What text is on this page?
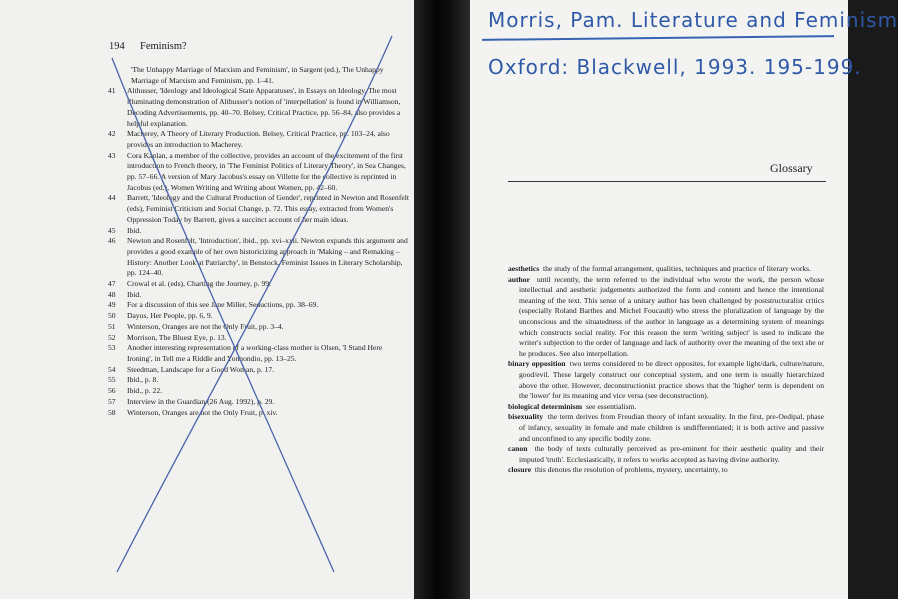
194 Feminism?
'The Unhappy Marriage of Marxism and Feminism', in Sargent (ed.), The Unhappy Marriage of Marxism and Feminism, pp. 1–41.
41	Althusser, 'Ideology and Ideological State Apparatuses', in Essays on Ideology. The most illuminating demonstration of Althusser's notion of 'interpellation' is found in Williamson, Decoding Advertisements, pp. 40–70. Belsey, Critical Practice, pp. 56–84, also provides a helpful explanation.
42	Macherey, A Theory of Literary Production. Belsey, Critical Practice, pp. 103–24, also provides an introduction to Macherey.
43	Cora Kaplan, a member of the collective, provides an account of the excitement of the first introduction to French theory, in 'The Feminist Politics of Literary Theory', in Sea Changes, pp. 57–66. A version of Mary Jacobus's essay on Villette for the collective is reprinted in Jacobus (ed.), Women Writing and Writing about Women, pp. 42–60.
44	Barrett, 'Ideology and the Cultural Production of Gender', reprinted in Newton and Rosenfelt (eds), Feminist Criticism and Social Change, p. 72. This essay, extracted from Women's Oppression Today by Barrett, gives a succinct account of her main ideas.
45	Ibid.
46	Newton and Rosenfelt, 'Introduction', ibid., pp. xvi–xxii. Newton expands this argument and provides a good example of her own historicizing approach in 'Making – and Remaking – History: Another Look at Patriarchy', in Benstock, Feminist Issues in Literary Scholarship, pp. 124–40.
47	Crowal et al. (eds), Charting the Journey, p. 99.
48	Ibid.
49	For a discussion of this see Jane Miller, Seductions, pp. 38–69.
50	Dayus, Her People, pp. 6, 9.
51	Winterson, Oranges are not the Only Fruit, pp. 3–4.
52	Morrison, The Bluest Eye, p. 13.
53	Another interesting representation of a working-class mother is Olsen, 'I Stand Here Ironing', in Tell me a Riddle and Yonnondio, pp. 13–25.
54	Steedman, Landscape for a Good Woman, p. 17.
55	Ibid., p. 8.
56	Ibid., p. 22.
57	Interview in the Guardian (26 Aug. 1992), p. 29.
58	Winterson, Oranges are not the Only Fruit, p. xiv.
Morris, Pam. Literature and Feminism
Oxford: Blackwell, 1993. 195-199.
Glossary

aesthetics the study of the formal arrangement, qualities, techniques and practice of literary works.

author until recently, the term referred to the individual who wrote the work, the person whose intellectual and aesthetic judgements authorized the form and content and hence the intentional meaning of the text. This sense of a unitary author has been challenged by poststructuralist critics (especially Roland Barthes and Michel Foucault) who stress the pluralization of language by the unconscious and the situatedness of the author in language as a determining system of meanings which constructs social reality. For this reason the term 'writing subject' is used to indicate the writer's subjection to the order of language and lack of authority over the meaning of the text she or he produces. See also interpellation.

binary opposition two terms considered to be direct opposites, for example light/dark, culture/nature, good/evil. These largely construct our conceptual system, and one term is usually hierarchized above the other. However, deconstructionist practice shows that the 'higher' term is dependent on the 'lower' for its meaning and vice versa (see deconstruction).

biological determinism see essentialism.

bisexuality the term derives from Freudian theory of infant sexuality. In the first, pre-Oedipal, phase of infancy, sexuality in female and male children is undifferentiated; it is both active and passive and unconfined to any specific bodily zone.

canon the body of texts culturally perceived as pre-eminent for their aesthetic quality and their imputed 'truth'. Ecclesiastically, it refers to works accepted as having divine authority.

closure this denotes the resolution of problems, mystery, uncertainty, to
